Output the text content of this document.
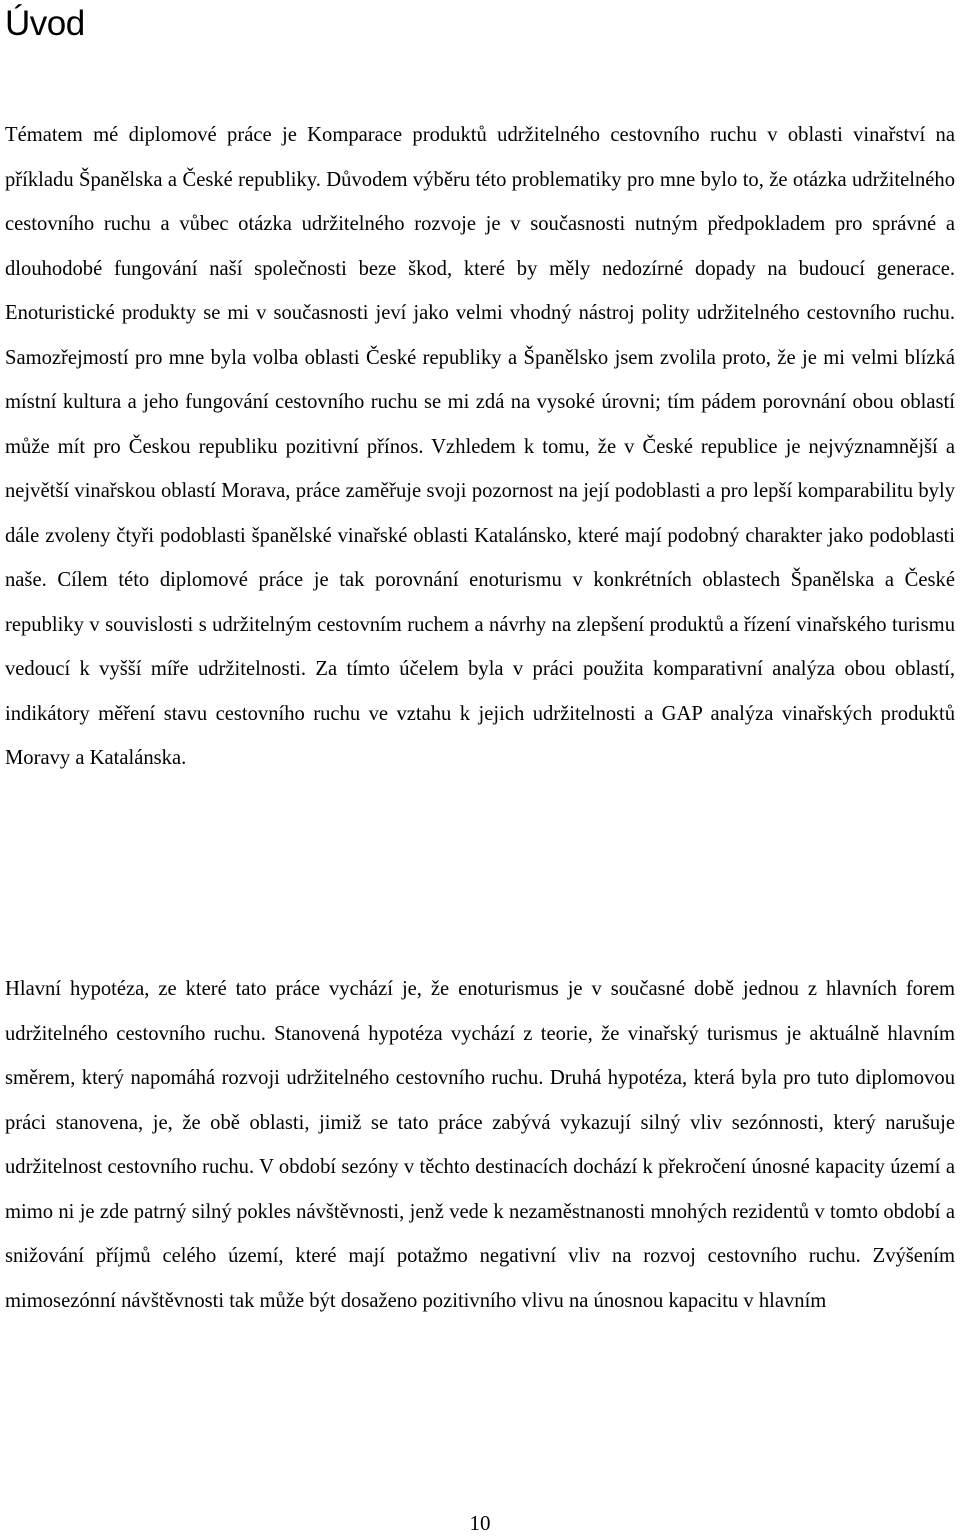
Úvod

Tématem mé diplomové práce je Komparace produktů udržitelného cestovního ruchu v oblasti vinařství na příkladu Španělska a České republiky. Důvodem výběru této problematiky pro mne bylo to, že otázka udržitelného cestovního ruchu a vůbec otázka udržitelného rozvoje je v současnosti nutným předpokladem pro správné a dlouhodobé fungování naší společnosti beze škod, které by měly nedozírné dopady na budoucí generace. Enoturistické produkty se mi v současnosti jeví jako velmi vhodný nástroj polity udržitelného cestovního ruchu. Samozřejmostí pro mne byla volba oblasti České republiky a Španělsko jsem zvolila proto, že je mi velmi blízká místní kultura a jeho fungování cestovního ruchu se mi zdá na vysoké úrovni; tím pádem porovnání obou oblastí může mít pro Českou republiku pozitivní přínos. Vzhledem k tomu, že v České republice je nejvýznamnější a největší vinařskou oblastí Morava, práce zaměřuje svoji pozornost na její podoblasti a pro lepší komparabilitu byly dále zvoleny čtyři podoblasti španělské vinařské oblasti Katalánsko, které mají podobný charakter jako podoblasti naše. Cílem této diplomové práce je tak porovnání enoturismu v konkrétních oblastech Španělska a České republiky v souvislosti s udržitelným cestovním ruchem a návrhy na zlepšení produktů a řízení vinařského turismu vedoucí k vyšší míře udržitelnosti. Za tímto účelem byla v práci použita komparativní analýza obou oblastí, indikátory měření stavu cestovního ruchu ve vztahu k jejich udržitelnosti a GAP analýza vinařských produktů Moravy a Katalánska.

Hlavní hypotéza, ze které tato práce vychází je, že enoturismus je v současné době jednou z hlavních forem udržitelného cestovního ruchu. Stanovená hypotéza vychází z teorie, že vinařský turismus je aktuálně hlavním směrem, který napomáhá rozvoji udržitelného cestovního ruchu. Druhá hypotéza, která byla pro tuto diplomovou práci stanovena, je, že obě oblasti, jimiž se tato práce zabývá vykazují silný vliv sezónnosti, který narušuje udržitelnost cestovního ruchu. V období sezóny v těchto destinacích dochází k překročení únosné kapacity území a mimo ni je zde patrný silný pokles návštěvnosti, jenž vede k nezaměstnanosti mnohých rezidentů v tomto období a snižování příjmů celého území, které mají potažmo negativní vliv na rozvoj cestovního ruchu. Zvýšením mimosezónní návštěvnosti tak může být dosaženo pozitivního vlivu na únosnou kapacitu v hlavním

10
